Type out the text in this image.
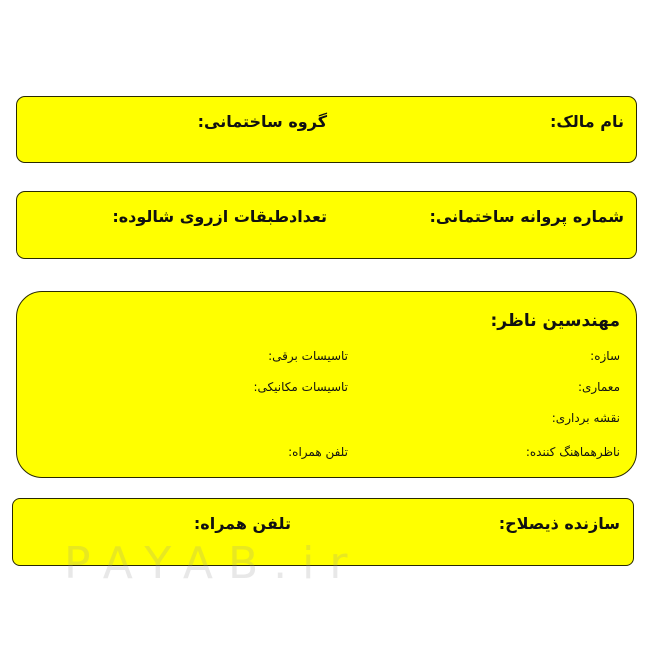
نام مالک:
گروه ساختمانی:
شماره پروانه ساختمانی:
تعدادطبقات ازروی شالوده:
مهندسین ناظر:
سازه:
معماری:
نقشه برداری:
ناظرهماهنگ کننده:
تاسیسات برقی:
تاسیسات مکانیکی:
تلفن همراه:
سازنده ذیصلاح:
تلفن همراه:
PAYAB.ir
